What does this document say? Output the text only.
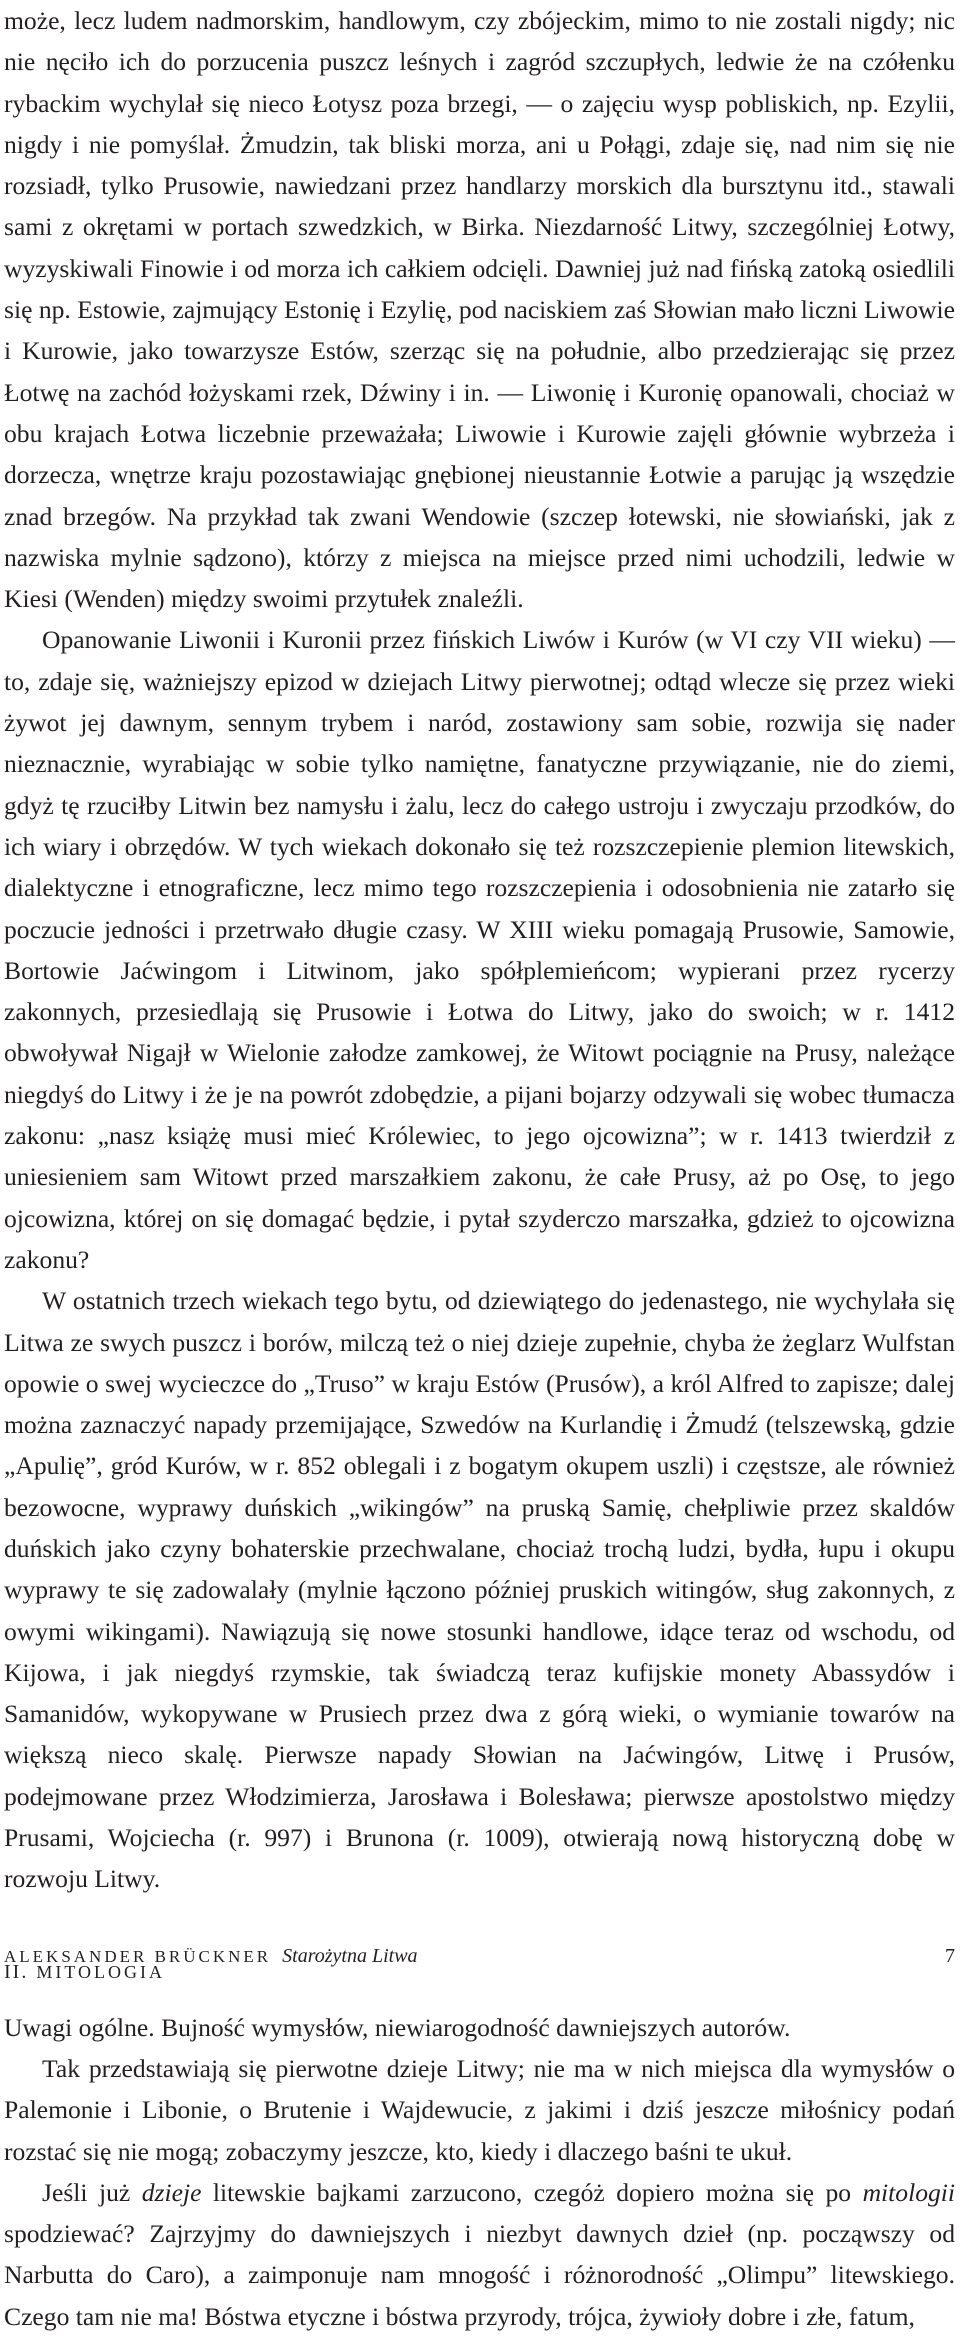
może, lecz ludem nadmorskim, handlowym, czy zbójeckim, mimo to nie zostali nigdy; nic nie nęciło ich do porzucenia puszcz leśnych i zagród szczupłych, ledwie że na czółenku rybackim wychylał się nieco Łotysz poza brzegi, — o zajęciu wysp pobliskich, np. Ezylii, nigdy i nie pomyślał. Żmudzin, tak bliski morza, ani u Połągi, zdaje się, nad nim się nie rozsiadł, tylko Prusowie, nawiedzani przez handlarzy morskich dla bursztynu itd., stawali sami z okrętami w portach szwedzkich, w Birka. Niezdarność Litwy, szczególniej Łotwy, wyzyskiwali Finowie i od morza ich całkiem odcięli. Dawniej już nad fińską zatoką osiedlili się np. Estowie, zajmujący Estonię i Ezylię, pod naciskiem zaś Słowian mało liczni Liwowie i Kurowie, jako towarzysze Estów, szerząc się na południe, albo przedzierając się przez Łotwę na zachód łożyskami rzek, Dźwiny i in. — Liwonię i Kuronię opanowali, chociaż w obu krajach Łotwa liczebnie przeważała; Liwowie i Kurowie zajęli głównie wybrzeża i dorzecza, wnętrze kraju pozostawiając gnębionej nieustannie Łotwie a parując ją wszędzie znad brzegów. Na przykład tak zwani Wendowie (szczep łotewski, nie słowiański, jak z nazwiska mylnie sądzono), którzy z miejsca na miejsce przed nimi uchodzili, ledwie w Kiesi (Wenden) między swoimi przytułek znaleźli.

Opanowanie Liwonii i Kuronii przez fińskich Liwów i Kurów (w VI czy VII wieku) — to, zdaje się, ważniejszy epizod w dziejach Litwy pierwotnej; odtąd wlecze się przez wieki żywot jej dawnym, sennym trybem i naród, zostawiony sam sobie, rozwija się nader nieznacznie, wyrabiając w sobie tylko namiętne, fanatyczne przywiązanie, nie do ziemi, gdyż tę rzuciłby Litwin bez namysłu i żalu, lecz do całego ustroju i zwyczaju przodków, do ich wiary i obrzędów. W tych wiekach dokonało się też rozszczepienie plemion litewskich, dialektyczne i etnograficzne, lecz mimo tego rozszczepienia i odosobnienia nie zatarło się poczucie jedności i przetrwało długie czasy. W XIII wieku pomagają Prusowie, Samowie, Bortowie Jaćwingom i Litwinom, jako spółplemieńcom; wypierani przez rycerzy zakonnych, przesiedlają się Prusowie i Łotwa do Litwy, jako do swoich; w r. 1412 obwoływał Nigajł w Wielonie załodze zamkowej, że Witowt pociągnie na Prusy, należące niegdyś do Litwy i że je na powrót zdobędzie, a pijani bojarzy odzywali się wobec tłumacza zakonu: „nasz książę musi mieć Królewiec, to jego ojcowizna”; w r. 1413 twierdził z uniesieniem sam Witowt przed marszałkiem zakonu, że całe Prusy, aż po Osę, to jego ojcowizna, której on się domagać będzie, i pytał szyderczo marszałka, gdzież to ojcowizna zakonu?

W ostatnich trzech wiekach tego bytu, od dziewiątego do jedenastego, nie wychylała się Litwa ze swych puszcz i borów, milczą też o niej dzieje zupełnie, chyba że żeglarz Wulfstan opowie o swej wycieczce do „Truso” w kraju Estów (Prusów), a król Alfred to zapisze; dalej można zaznaczyć napady przemijające, Szwedów na Kurlandię i Żmudź (telszewską, gdzie „Apulię”, gród Kurów, w r. 852 oblegali i z bogatym okupem uszli) i częstsze, ale również bezowocne, wyprawy duńskich „wikingów” na pruską Samię, chełpliwie przez skaldów duńskich jako czyny bohaterskie przechwalane, chociaż trochą ludzi, bydła, łupu i okupu wyprawy te się zadowalały (mylnie łączono później pruskich witingów, sług zakonnych, z owymi wikingami). Nawiązują się nowe stosunki handlowe, idące teraz od wschodu, od Kijowa, i jak niegdyś rzymskie, tak świadczą teraz kufijskie monety Abassydów i Samanidów, wykopywane w Prusiech przez dwa z górą wieki, o wymianie towarów na większą nieco skalę. Pierwsze napady Słowian na Jaćwingów, Litwę i Prusów, podejmowane przez Włodzimierza, Jarosława i Bolesława; pierwsze apostolstwo między Prusami, Wojciecha (r. 997) i Brunona (r. 1009), otwierają nową historyczną dobę w rozwoju Litwy.

II. MITOLOGIA

Uwagi ogólne. Bujność wymysłów, niewiarogodność dawniejszych autorów.

Tak przedstawiają się pierwotne dzieje Litwy; nie ma w nich miejsca dla wymysłów o Palemonie i Libonie, o Brutenie i Wajdewucie, z jakimi i dziś jeszcze miłośnicy podań rozstać się nie mogą; zobaczymy jeszcze, kto, kiedy i dlaczego baśni te ukuł.

Jeśli już dzieje litewskie bajkami zarzucono, czegóż dopiero można się po mitologii spodziewać? Zajrzyjmy do dawniejszych i niezbyt dawnych dzieł (np. począwszy od Narbutta do Caro), a zaimponuje nam mnogość i różnorodność „Olimpu” litewskiego. Czego tam nie ma! Bóstwa etyczne i bóstwa przyrody, trójca, żywioły dobre i złe, fatum,

ALEKSANDER BRÜCKNER Starożytna Litwa	7
